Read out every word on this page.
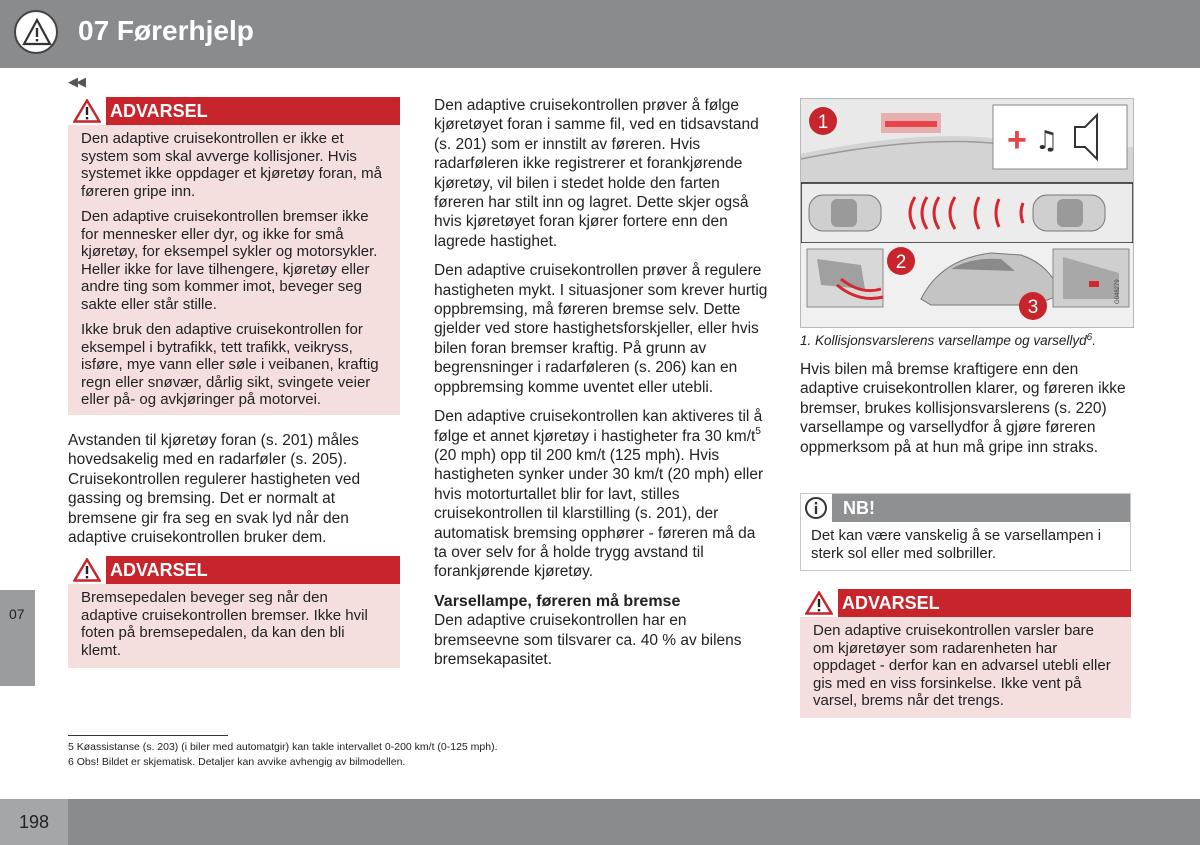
07 Førerhjelp
◀◀
07
ADVARSEL

Den adaptive cruisekontrollen er ikke et system som skal avverge kollisjoner. Hvis systemet ikke oppdager et kjøretøy foran, må føreren gripe inn.

Den adaptive cruisekontrollen bremser ikke for mennesker eller dyr, og ikke for små kjøretøy, for eksempel sykler og motorsykler. Heller ikke for lave tilhengere, kjøretøy eller andre ting som kommer imot, beveger seg sakte eller står stille.

Ikke bruk den adaptive cruisekontrollen for eksempel i bytrafikk, tett trafikk, veikryss, isføre, mye vann eller søle i veibanen, kraftig regn eller snøvær, dårlig sikt, svingete veier eller på- og avkjøringer på motorvei.

Avstanden til kjøretøy foran (s. 201) måles hovedsakelig med en radarføler (s. 205). Cruisekontrollen regulerer hastigheten ved gassing og bremsing. Det er normalt at bremsene gir fra seg en svak lyd når den adaptive cruisekontrollen bruker dem.

ADVARSEL

Bremsepedalen beveger seg når den adaptive cruisekontrollen bremser. Ikke hvil foten på bremsepedalen, da kan den bli klemt.

Den adaptive cruisekontrollen prøver å følge kjøretøyet foran i samme fil, ved en tidsavstand (s. 201) som er innstilt av føreren. Hvis radarføleren ikke registrerer et forankjørende kjøretøy, vil bilen i stedet holde den farten føreren har stilt inn og lagret. Dette skjer også hvis kjøretøyet foran kjører fortere enn den lagrede hastighet.

Den adaptive cruisekontrollen prøver å regulere hastigheten mykt. I situasjoner som krever hurtig oppbremsing, må føreren bremse selv. Dette gjelder ved store hastighetsforskjeller, eller hvis bilen foran bremser kraftig. På grunn av begrensninger i radarføleren (s. 206) kan en oppbremsing komme uventet eller utebli.

Den adaptive cruisekontrollen kan aktiveres til å følge et annet kjøretøy i hastigheter fra 30 $km/t^5$ (20 mph) opp til 200 km/t (125 mph). Hvis hastigheten synker under 30 km/t (20 mph) eller hvis motorturtallet blir for lavt, stilles cruisekontrollen til klarstilling (s. 201), der automatisk bremsing opphører - føreren må da ta over selv for å holde trygg avstand til forankjørende kjøretøy.

Varsellampe, føreren må bremse

Den adaptive cruisekontrollen har en bremseevne som tilsvarer ca. 40 % av bilens bremsekapasitet.

+ ♫
1
G048279
2
3
1. Kollisjonsvarslerens varsellampe og varsellyd$^6$.

Hvis bilen må bremse kraftigere enn den adaptive cruisekontrollen klarer, og føreren ikke bremser, brukes kollisjonsvarslerens (s. 220) varsellampe og varsellydfor å gjøre føreren oppmerksom på at hun må gripe inn straks.

NB!
Det kan være vanskelig å se varsellampen i sterk sol eller med solbriller.
ADVARSEL

Den adaptive cruisekontrollen varsler bare om kjøretøyer som radarenheten har oppdaget - derfor kan en advarsel utebli eller gis med en viss forsinkelse. Ikke vent på varsel, brems når det trengs.

5 Køassistanse (s. 203) (i biler med automatgir) kan takle intervallet 0-200 km/t (0-125 mph).
6 Obs! Bildet er skjematisk. Detaljer kan avvike avhengig av bilmodellen.
198
